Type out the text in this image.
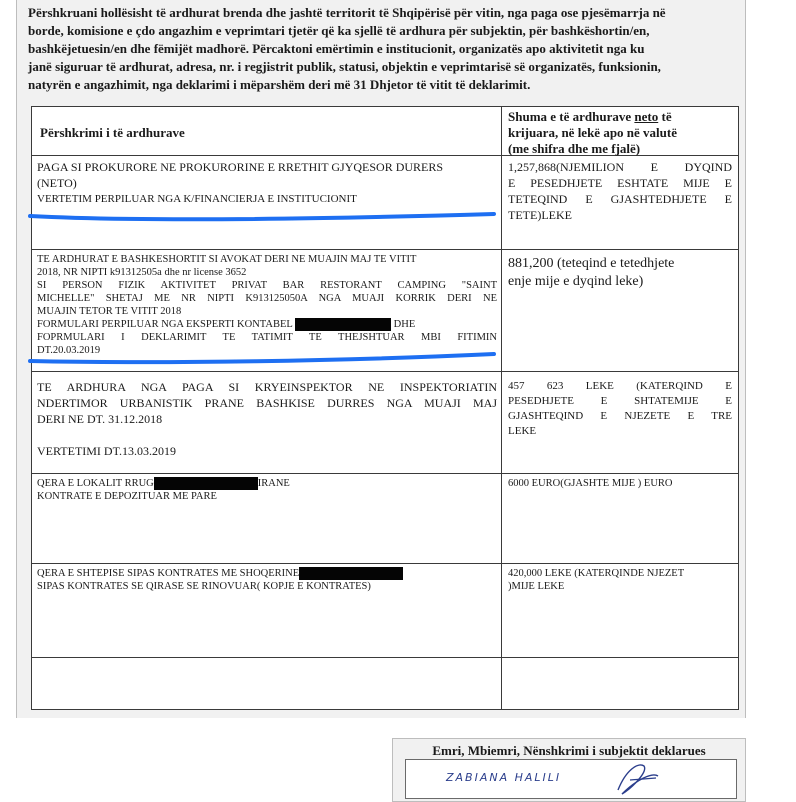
Përshkruani hollësisht të ardhurat brenda dhe jashtë territorit të Shqipërisë për vitin, nga paga ose pjesëmarrja në
borde, komisione e çdo angazhim e veprimtari tjetër që ka sjellë të ardhura për subjektin, për bashkëshortin/en,
bashkëjetuesin/en dhe fëmijët madhorë. Përcaktoni emërtimin e institucionit, organizatës apo aktivitetit nga ku
janë siguruar të ardhurat, adresa, nr. i regjistrit publik, statusi, objektin e veprimtarisë së organizatës, funksionin,
natyrën e angazhimit, nga deklarimi i mëparshëm deri më 31 Dhjetor të vitit të deklarimit.
Përshkrimi i të ardhurave
Shuma e të ardhurave neto të
krijuara, në lekë apo në valutë
(me shifra dhe me fjalë)
PAGA SI PROKURORE NE PROKURORINE E RRETHIT GJYQESOR DURERS
(NETO)
VERTETIM PERPILUAR NGA K/FINANCIERJA E INSTITUCIONIT
1,257,868(NJEMILION E DYQIND
E PESEDHJETE ESHTATE MIJE E
TETEQIND E GJASHTEDHJETE E
TETE)LEKE
TE ARDHURAT E BASHKESHORTIT SI AVOKAT DERI NE MUAJIN MAJ TE VITIT
2018, NR NIPTI k91312505a dhe nr license 3652
SI PERSON FIZIK AKTIVITET PRIVAT BAR RESTORANT CAMPING "SAINT
MICHELLE" SHETAJ ME NR NIPTI K913125050A NGA MUAJI KORRIK DERI NE
MUAJIN TETOR TE VITIT 2018
FORMULARI PERPILUAR NGA EKSPERTI KONTABEL	DHE
FOPRMULARI I DEKLARIMIT TE TATIMIT TE THEJSHTUAR MBI FITIMIN
DT.20.03.2019
881,200 (teteqind e tetedhjete
enje mije e dyqind leke)
TE ARDHURA NGA PAGA SI KRYEINSPEKTOR NE INSPEKTORIATIN
NDERTIMOR URBANISTIK PRANE BASHKISE DURRES NGA MUAJI MAJ
DERI NE DT. 31.12.2018
VERTETIMI DT.13.03.2019
457 623 LEKE (KATERQIND E
PESEDHJETE E SHTATEMIJE E
GJASHTEQIND E NJEZETE E TRE
LEKE
QERA E LOKALIT RRUG	IRANE
KONTRATE E DEPOZITUAR ME PARE
6000 EURO(GJASHTE MIJE ) EURO
QERA E SHTEPISE SIPAS KONTRATES ME SHOQERINE
SIPAS KONTRATES SE QIRASE SE RINOVUAR( KOPJE E KONTRATES)
420,000 LEKE (KATERQINDE NJEZET
)MIJE LEKE
Emri, Mbiemri, Nënshkrimi i subjektit deklarues
ZABIANA HALILI
